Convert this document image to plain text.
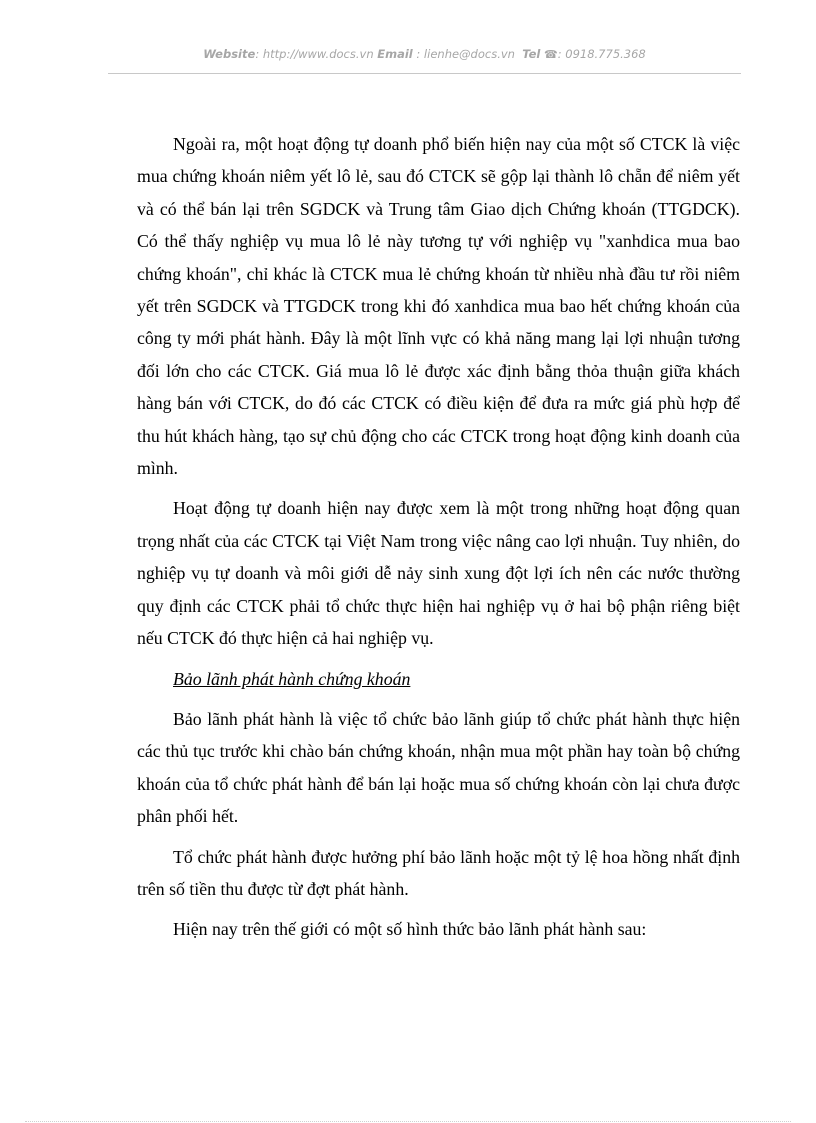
Website: http://www.docs.vn Email : lienhe@docs.vn Tel ☎: 0918.775.368

Ngoài ra, một hoạt động tự doanh phổ biến hiện nay của một số CTCK là việc mua chứng khoán niêm yết lô lẻ, sau đó CTCK sẽ gộp lại thành lô chẵn để niêm yết và có thể bán lại trên SGDCK và Trung tâm Giao dịch Chứng khoán (TTGDCK). Có thể thấy nghiệp vụ mua lô lẻ này tương tự với nghiệp vụ "xanhdica mua bao chứng khoán", chỉ khác là CTCK mua lẻ chứng khoán từ nhiều nhà đầu tư rồi niêm yết trên SGDCK và TTGDCK trong khi đó xanhdica mua bao hết chứng khoán của công ty mới phát hành. Đây là một lĩnh vực có khả năng mang lại lợi nhuận tương đối lớn cho các CTCK. Giá mua lô lẻ được xác định bằng thỏa thuận giữa khách hàng bán với CTCK, do đó các CTCK có điều kiện để đưa ra mức giá phù hợp để thu hút khách hàng, tạo sự chủ động cho các CTCK trong hoạt động kinh doanh của mình.

Hoạt động tự doanh hiện nay được xem là một trong những hoạt động quan trọng nhất của các CTCK tại Việt Nam trong việc nâng cao lợi nhuận. Tuy nhiên, do nghiệp vụ tự doanh và môi giới dễ nảy sinh xung đột lợi ích nên các nước thường quy định các CTCK phải tổ chức thực hiện hai nghiệp vụ ở hai bộ phận riêng biệt nếu CTCK đó thực hiện cả hai nghiệp vụ.

Bảo lãnh phát hành chứng khoán

Bảo lãnh phát hành là việc tổ chức bảo lãnh giúp tổ chức phát hành thực hiện các thủ tục trước khi chào bán chứng khoán, nhận mua một phần hay toàn bộ chứng khoán của tổ chức phát hành để bán lại hoặc mua số chứng khoán còn lại chưa được phân phối hết.

Tổ chức phát hành được hưởng phí bảo lãnh hoặc một tỷ lệ hoa hồng nhất định trên số tiền thu được từ đợt phát hành.

Hiện nay trên thế giới có một số hình thức bảo lãnh phát hành sau:
